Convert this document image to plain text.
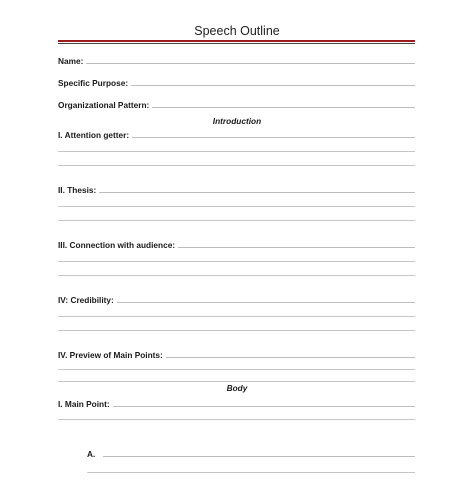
Speech Outline
Name:
Specific Purpose:
Organizational Pattern:
Introduction
I. Attention getter:
II. Thesis:
III. Connection with audience:
IV: Credibility:
IV. Preview of Main Points:
Body
I. Main Point:
A.
